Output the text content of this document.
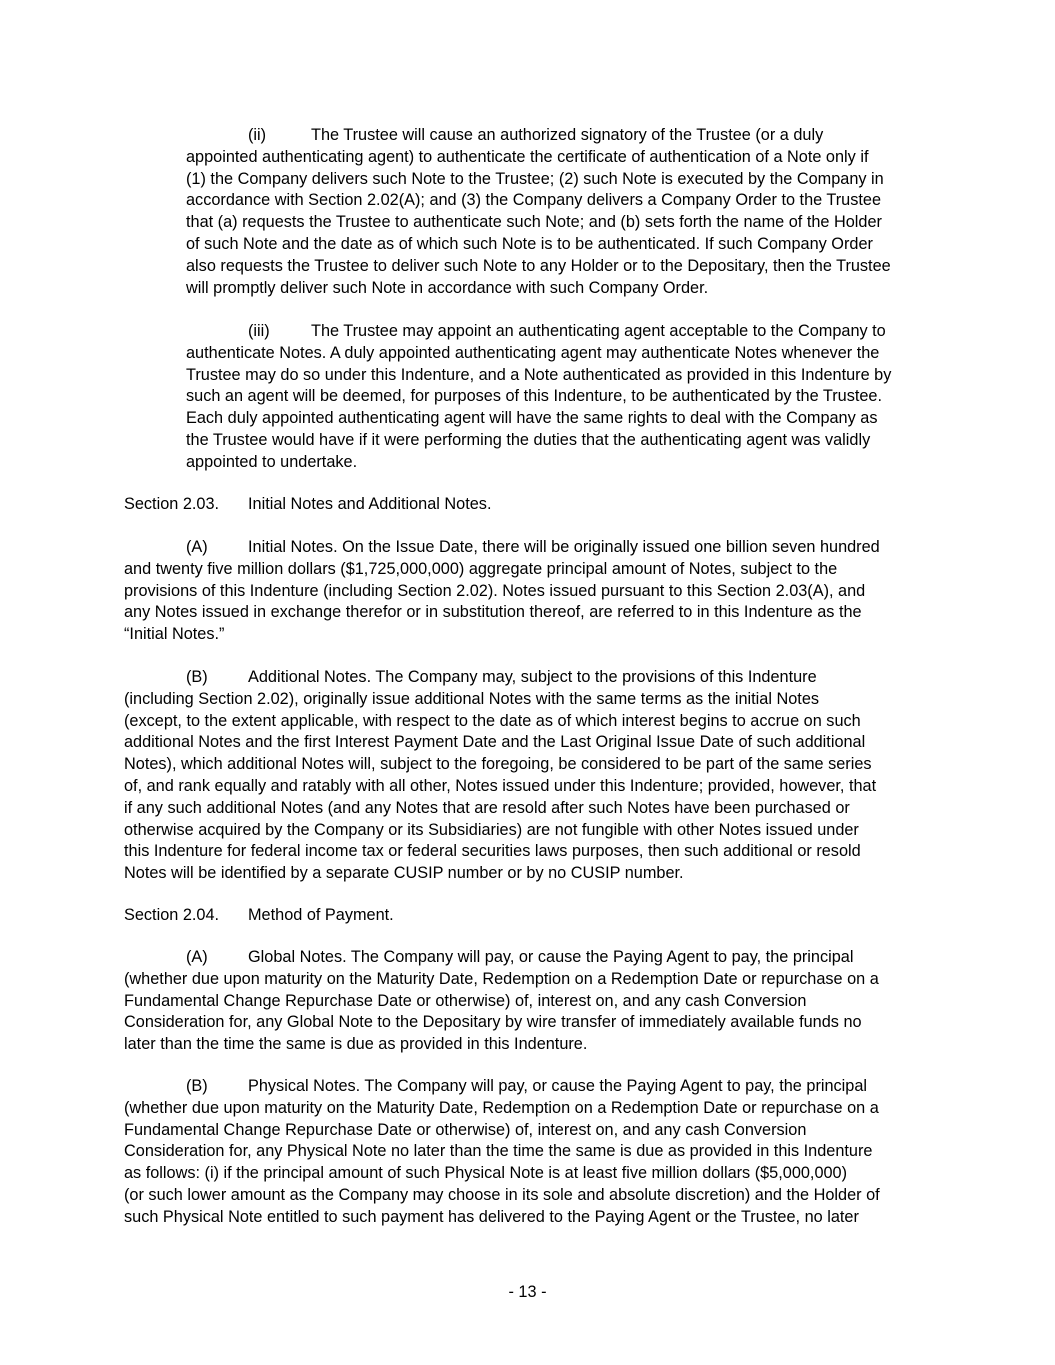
(ii)	The Trustee will cause an authorized signatory of the Trustee (or a duly
appointed authenticating agent) to authenticate the certificate of authentication of a Note only if
(1) the Company delivers such Note to the Trustee; (2) such Note is executed by the Company in
accordance with Section 2.02(A); and (3) the Company delivers a Company Order to the Trustee
that (a) requests the Trustee to authenticate such Note; and (b) sets forth the name of the Holder
of such Note and the date as of which such Note is to be authenticated. If such Company Order
also requests the Trustee to deliver such Note to any Holder or to the Depositary, then the Trustee
will promptly deliver such Note in accordance with such Company Order.
(iii)	The Trustee may appoint an authenticating agent acceptable to the Company to
authenticate Notes. A duly appointed authenticating agent may authenticate Notes whenever the
Trustee may do so under this Indenture, and a Note authenticated as provided in this Indenture by
such an agent will be deemed, for purposes of this Indenture, to be authenticated by the Trustee.
Each duly appointed authenticating agent will have the same rights to deal with the Company as
the Trustee would have if it were performing the duties that the authenticating agent was validly
appointed to undertake.
Section 2.03. Initial Notes and Additional Notes.
(A) Initial Notes. On the Issue Date, there will be originally issued one billion seven hundred
and twenty five million dollars ($1,725,000,000) aggregate principal amount of Notes, subject to the
provisions of this Indenture (including Section 2.02). Notes issued pursuant to this Section 2.03(A), and
any Notes issued in exchange therefor or in substitution thereof, are referred to in this Indenture as the
“Initial Notes.”
(B) Additional Notes. The Company may, subject to the provisions of this Indenture
(including Section 2.02), originally issue additional Notes with the same terms as the initial Notes
(except, to the extent applicable, with respect to the date as of which interest begins to accrue on such
additional Notes and the first Interest Payment Date and the Last Original Issue Date of such additional
Notes), which additional Notes will, subject to the foregoing, be considered to be part of the same series
of, and rank equally and ratably with all other, Notes issued under this Indenture; provided, however, that
if any such additional Notes (and any Notes that are resold after such Notes have been purchased or
otherwise acquired by the Company or its Subsidiaries) are not fungible with other Notes issued under
this Indenture for federal income tax or federal securities laws purposes, then such additional or resold
Notes will be identified by a separate CUSIP number or by no CUSIP number.
Section 2.04. Method of Payment.
(A) Global Notes. The Company will pay, or cause the Paying Agent to pay, the principal
(whether due upon maturity on the Maturity Date, Redemption on a Redemption Date or repurchase on a
Fundamental Change Repurchase Date or otherwise) of, interest on, and any cash Conversion
Consideration for, any Global Note to the Depositary by wire transfer of immediately available funds no
later than the time the same is due as provided in this Indenture.
(B) Physical Notes. The Company will pay, or cause the Paying Agent to pay, the principal
(whether due upon maturity on the Maturity Date, Redemption on a Redemption Date or repurchase on a
Fundamental Change Repurchase Date or otherwise) of, interest on, and any cash Conversion
Consideration for, any Physical Note no later than the time the same is due as provided in this Indenture
as follows: (i) if the principal amount of such Physical Note is at least five million dollars ($5,000,000)
(or such lower amount as the Company may choose in its sole and absolute discretion) and the Holder of
such Physical Note entitled to such payment has delivered to the Paying Agent or the Trustee, no later
- 13 -
